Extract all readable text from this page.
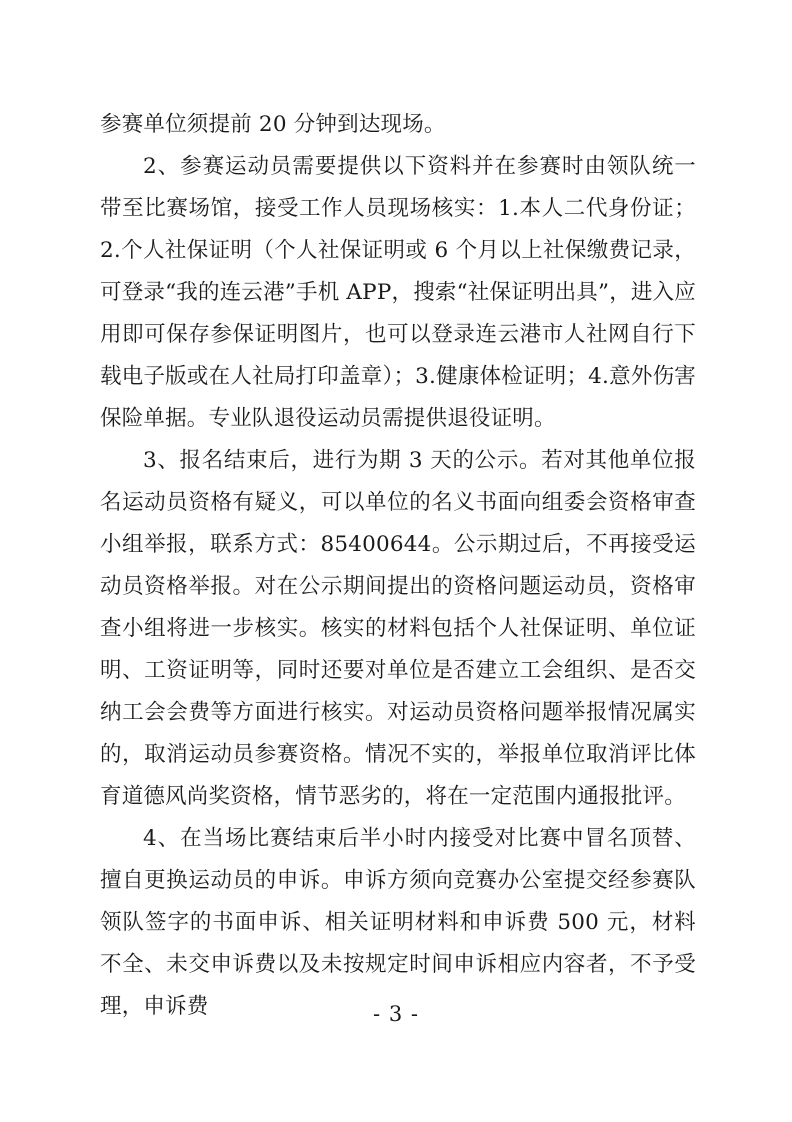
参赛单位须提前 20 分钟到达现场。

2、参赛运动员需要提供以下资料并在参赛时由领队统一带至比赛场馆，接受工作人员现场核实：1.本人二代身份证；2.个人社保证明（个人社保证明或 6 个月以上社保缴费记录，可登录“我的连云港”手机 APP，搜索“社保证明出具”，进入应用即可保存参保证明图片，也可以登录连云港市人社网自行下载电子版或在人社局打印盖章）；3.健康体检证明；4.意外伤害保险单据。专业队退役运动员需提供退役证明。

3、报名结束后，进行为期 3 天的公示。若对其他单位报名运动员资格有疑义，可以单位的名义书面向组委会资格审查小组举报，联系方式：85400644。公示期过后，不再接受运动员资格举报。对在公示期间提出的资格问题运动员，资格审查小组将进一步核实。核实的材料包括个人社保证明、单位证明、工资证明等，同时还要对单位是否建立工会组织、是否交纳工会会费等方面进行核实。对运动员资格问题举报情况属实的，取消运动员参赛资格。情况不实的，举报单位取消评比体育道德风尚奖资格，情节恶劣的，将在一定范围内通报批评。

4、在当场比赛结束后半小时内接受对比赛中冒名顶替、擅自更换运动员的申诉。申诉方须向竞赛办公室提交经参赛队领队签字的书面申诉、相关证明材料和申诉费 500 元，材料不全、未交申诉费以及未按规定时间申诉相应内容者，不予受理，申诉费	- 3 -
